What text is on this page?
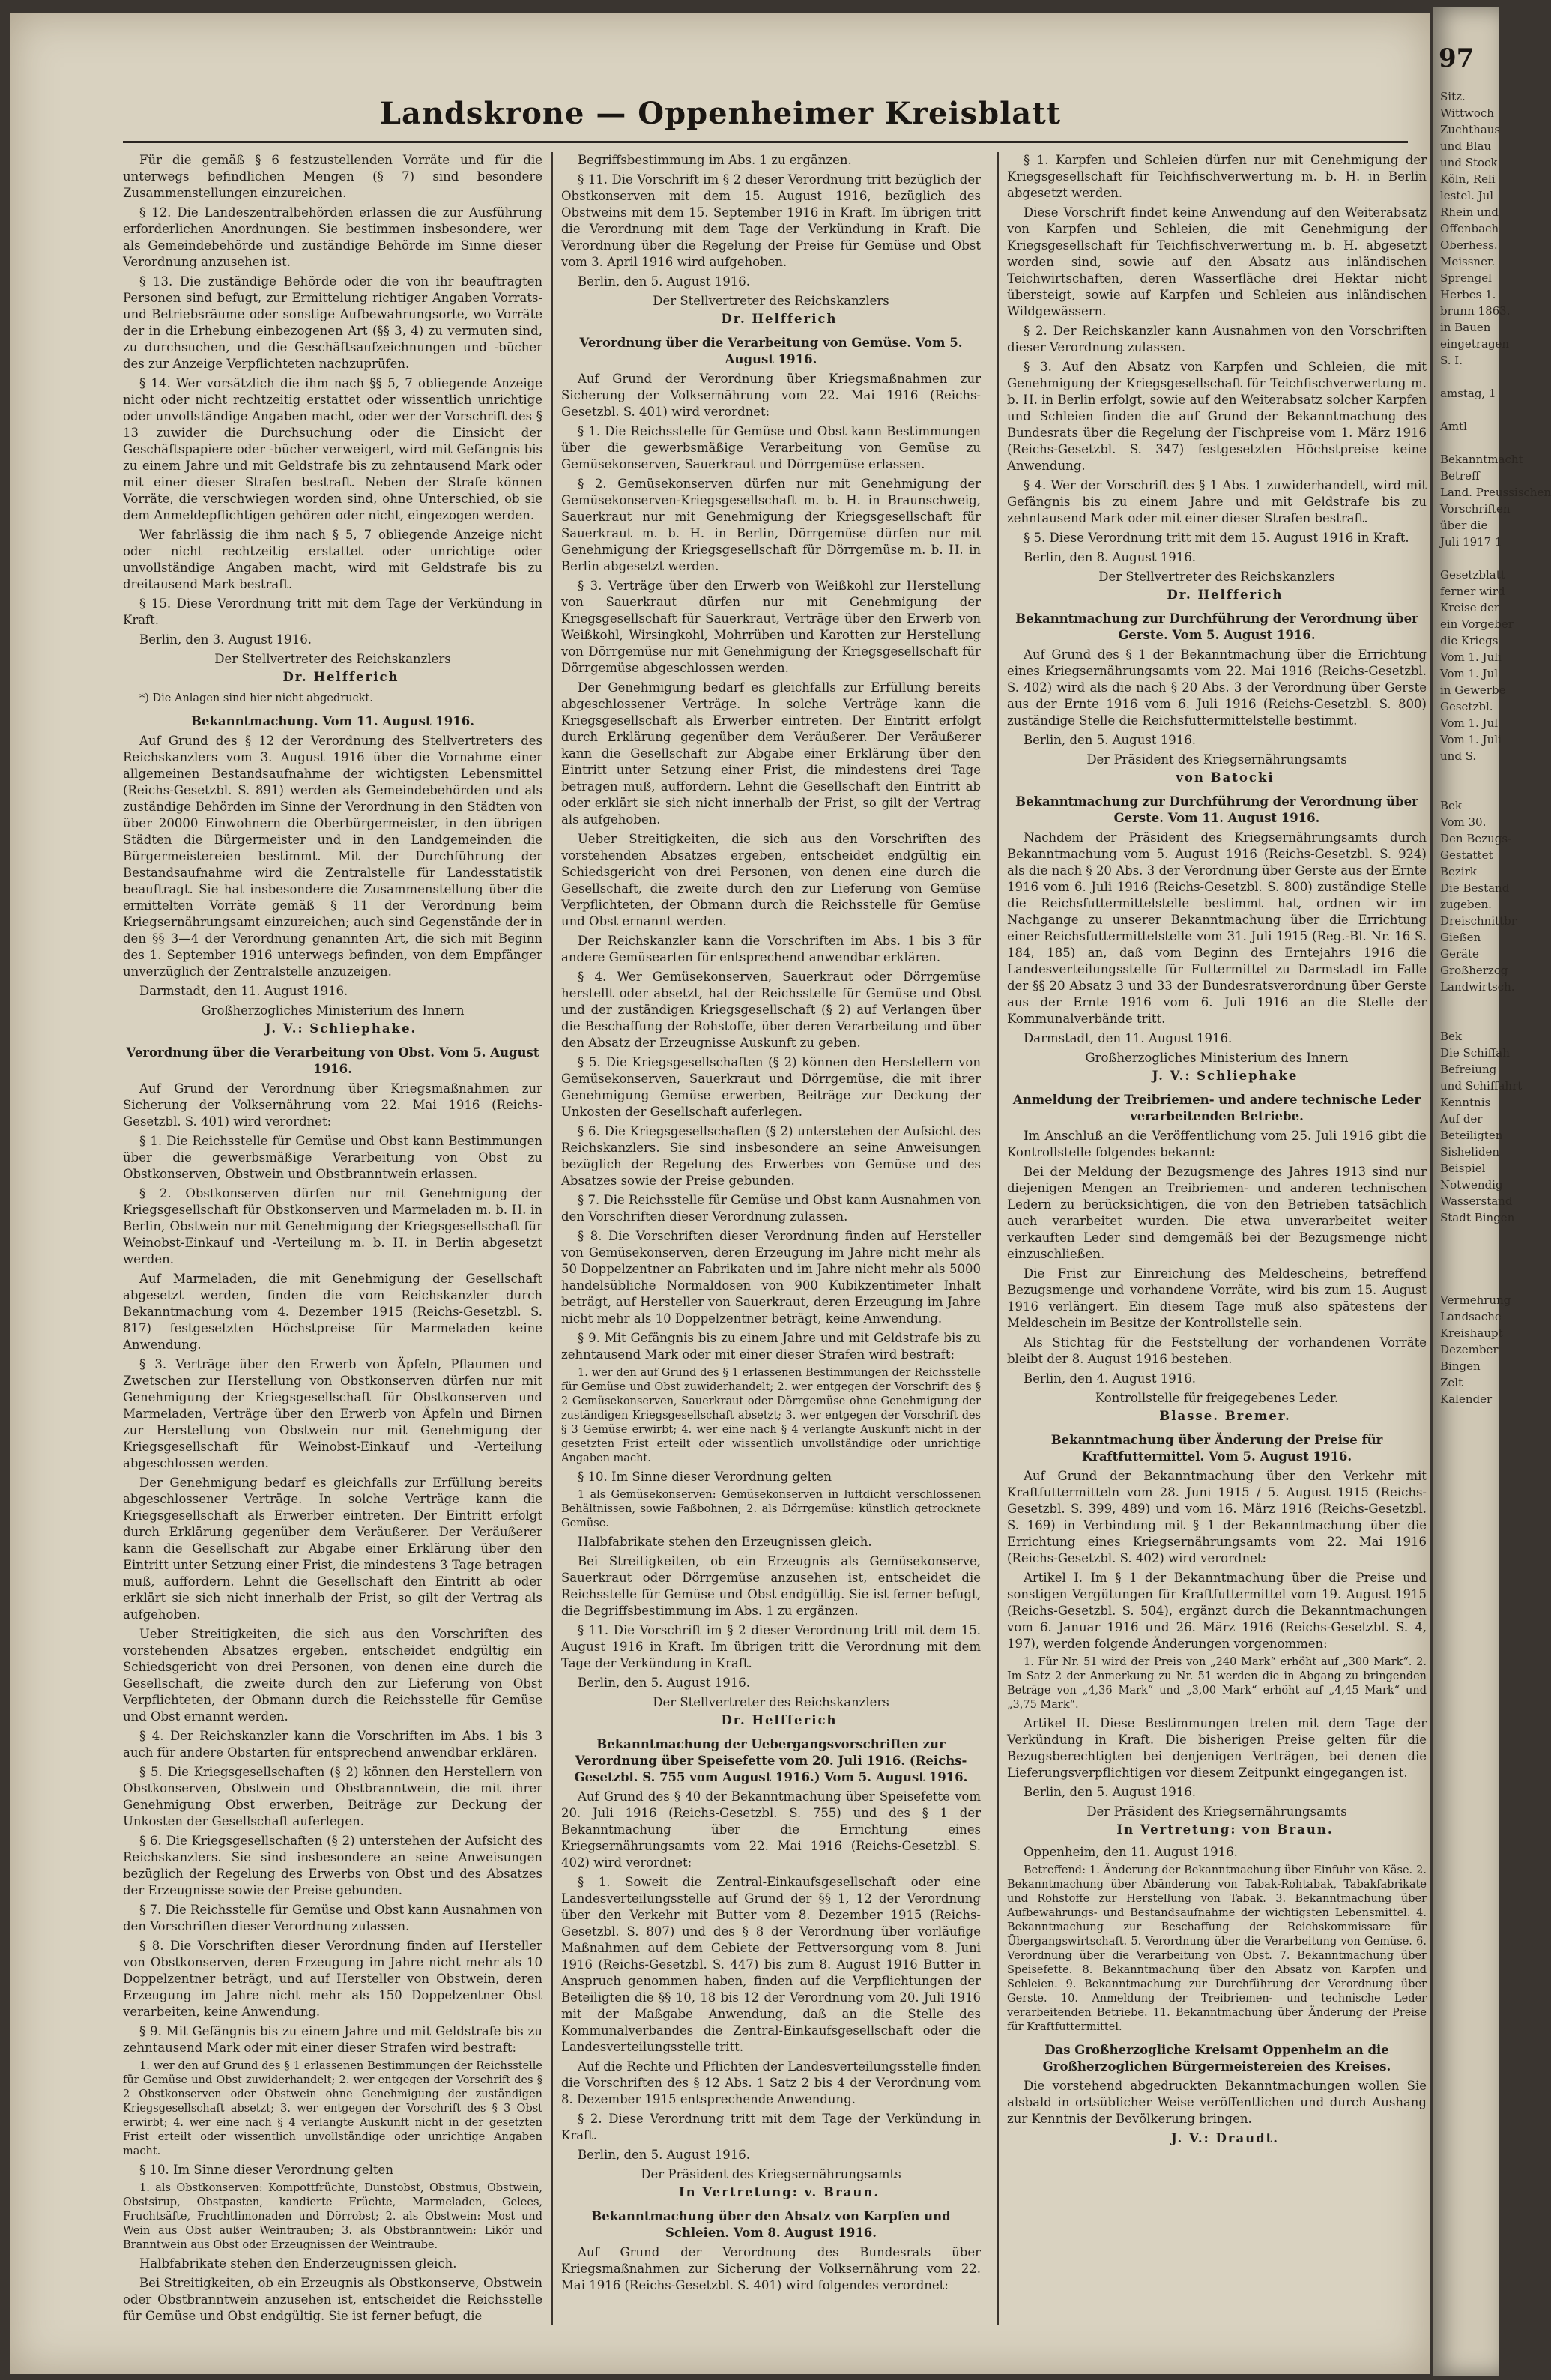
Landskrone — Oppenheimer Kreisblatt
Für die gemäß § 6 festzustellenden Vorräte und für die unterwegs befindlichen Mengen (§ 7) sind besondere Zusammenstellungen einzureichen.
§ 12. Die Landeszentralbehörden erlassen die zur Ausführung erforderlichen Anordnungen. Sie bestimmen insbesondere, wer als Gemeindebehörde und zuständige Behörde im Sinne dieser Verordnung anzusehen ist.
§ 13. Die zuständige Behörde oder die von ihr beauftragten Personen sind befugt, zur Ermittelung richtiger Angaben Vorrats- und Betriebsräume oder sonstige Aufbewahrungsorte, wo Vorräte der in die Erhebung einbezogenen Art (§§ 3, 4) zu vermuten sind, zu durchsuchen, und die Geschäftsaufzeichnungen und -bücher des zur Anzeige Verpflichteten nachzuprüfen.
§ 14. Wer vorsätzlich die ihm nach §§ 5, 7 obliegende Anzeige nicht oder nicht rechtzeitig erstattet oder wissentlich unrichtige oder unvollständige Angaben macht, oder wer der Vorschrift des § 13 zuwider die Durchsuchung oder die Einsicht der Geschäftspapiere oder -bücher verweigert, wird mit Gefängnis bis zu einem Jahre und mit Geldstrafe bis zu zehntausend Mark oder mit einer dieser Strafen bestraft. Neben der Strafe können Vorräte, die verschwiegen worden sind, ohne Unterschied, ob sie dem Anmeldepflichtigen gehören oder nicht, eingezogen werden.
Wer fahrlässig die ihm nach § 5, 7 obliegende Anzeige nicht oder nicht rechtzeitig erstattet oder unrichtige oder unvollständige Angaben macht, wird mit Geldstrafe bis zu dreitausend Mark bestraft.
§ 15. Diese Verordnung tritt mit dem Tage der Verkündung in Kraft.
Berlin, den 3. August 1916.
Der Stellvertreter des Reichskanzlers
Dr. Helfferich
*) Die Anlagen sind hier nicht abgedruckt.
Bekanntmachung. Vom 11. August 1916.
Auf Grund des § 12 der Verordnung des Stellvertreters des Reichskanzlers vom 3. August 1916 über die Vornahme einer allgemeinen Bestandsaufnahme der wichtigsten Lebensmittel (Reichs-Gesetzbl. S. 891) werden als Gemeindebehörden und als zuständige Behörden im Sinne der Verordnung in den Städten von über 20000 Einwohnern die Oberbürgermeister, in den übrigen Städten die Bürgermeister und in den Landgemeinden die Bürgermeistereien bestimmt. Mit der Durchführung der Bestandsaufnahme wird die Zentralstelle für Landesstatistik beauftragt. Sie hat insbesondere die Zusammenstellung über die ermittelten Vorräte gemäß § 11 der Verordnung beim Kriegsernährungsamt einzureichen; auch sind Gegenstände der in den §§ 3—4 der Verordnung genannten Art, die sich mit Beginn des 1. September 1916 unterwegs befinden, von dem Empfänger unverzüglich der Zentralstelle anzuzeigen.
Darmstadt, den 11. August 1916.
Großherzogliches Ministerium des Innern
J. V.: Schliephake.
Verordnung über die Verarbeitung von Obst. Vom 5. August 1916.
Auf Grund der Verordnung über Kriegsmaßnahmen zur Sicherung der Volksernährung vom 22. Mai 1916 (Reichs-Gesetzbl. S. 401) wird verordnet:
§ 1. Die Reichsstelle für Gemüse und Obst kann Bestimmungen über die gewerbsmäßige Verarbeitung von Obst zu Obstkonserven, Obstwein und Obstbranntwein erlassen.
§ 2. Obstkonserven dürfen nur mit Genehmigung der Kriegsgesellschaft für Obstkonserven und Marmeladen m. b. H. in Berlin, Obstwein nur mit Genehmigung der Kriegsgesellschaft für Weinobst-Einkauf und -Verteilung m. b. H. in Berlin abgesetzt werden.
Auf Marmeladen, die mit Genehmigung der Gesellschaft abgesetzt werden, finden die vom Reichskanzler durch Bekanntmachung vom 4. Dezember 1915 (Reichs-Gesetzbl. S. 817) festgesetzten Höchstpreise für Marmeladen keine Anwendung.
§ 3. Verträge über den Erwerb von Äpfeln, Pflaumen und Zwetschen zur Herstellung von Obstkonserven dürfen nur mit Genehmigung der Kriegsgesellschaft für Obstkonserven und Marmeladen, Verträge über den Erwerb von Äpfeln und Birnen zur Herstellung von Obstwein nur mit Genehmigung der Kriegsgesellschaft für Weinobst-Einkauf und -Verteilung abgeschlossen werden.
Der Genehmigung bedarf es gleichfalls zur Erfüllung bereits abgeschlossener Verträge. In solche Verträge kann die Kriegsgesellschaft als Erwerber eintreten. Der Eintritt erfolgt durch Erklärung gegenüber dem Veräußerer. Der Veräußerer kann die Gesellschaft zur Abgabe einer Erklärung über den Eintritt unter Setzung einer Frist, die mindestens 3 Tage betragen muß, auffordern. Lehnt die Gesellschaft den Eintritt ab oder erklärt sie sich nicht innerhalb der Frist, so gilt der Vertrag als aufgehoben.
Ueber Streitigkeiten, die sich aus den Vorschriften des vorstehenden Absatzes ergeben, entscheidet endgültig ein Schiedsgericht von drei Personen, von denen eine durch die Gesellschaft, die zweite durch den zur Lieferung von Obst Verpflichteten, der Obmann durch die Reichsstelle für Gemüse und Obst ernannt werden.
§ 4. Der Reichskanzler kann die Vorschriften im Abs. 1 bis 3 auch für andere Obstarten für entsprechend anwendbar erklären.
§ 5. Die Kriegsgesellschaften (§ 2) können den Herstellern von Obstkonserven, Obstwein und Obstbranntwein, die mit ihrer Genehmigung Obst erwerben, Beiträge zur Deckung der Unkosten der Gesellschaft auferlegen.
§ 6. Die Kriegsgesellschaften (§ 2) unterstehen der Aufsicht des Reichskanzlers. Sie sind insbesondere an seine Anweisungen bezüglich der Regelung des Erwerbs von Obst und des Absatzes der Erzeugnisse sowie der Preise gebunden.
§ 7. Die Reichsstelle für Gemüse und Obst kann Ausnahmen von den Vorschriften dieser Verordnung zulassen.
§ 8. Die Vorschriften dieser Verordnung finden auf Hersteller von Obstkonserven, deren Erzeugung im Jahre nicht mehr als 10 Doppelzentner beträgt, und auf Hersteller von Obstwein, deren Erzeugung im Jahre nicht mehr als 150 Doppelzentner Obst verarbeiten, keine Anwendung.
§ 9. Mit Gefängnis bis zu einem Jahre und mit Geldstrafe bis zu zehntausend Mark oder mit einer dieser Strafen wird bestraft:
1. wer den auf Grund des § 1 erlassenen Bestimmungen der Reichsstelle für Gemüse und Obst zuwiderhandelt; 2. wer entgegen der Vorschrift des § 2 Obstkonserven oder Obstwein ohne Genehmigung der zuständigen Kriegsgesellschaft absetzt; 3. wer entgegen der Vorschrift des § 3 Obst erwirbt; 4. wer eine nach § 4 verlangte Auskunft nicht in der gesetzten Frist erteilt oder wissentlich unvollständige oder unrichtige Angaben macht.
§ 10. Im Sinne dieser Verordnung gelten
1. als Obstkonserven: Kompottfrüchte, Dunstobst, Obstmus, Obstwein, Obstsirup, Obstpasten, kandierte Früchte, Marmeladen, Gelees, Fruchtsäfte, Fruchtlimonaden und Dörrobst; 2. als Obstwein: Most und Wein aus Obst außer Weintrauben; 3. als Obstbranntwein: Likör und Branntwein aus Obst oder Erzeugnissen der Weintraube.
Halbfabrikate stehen den Enderzeugnissen gleich.
Bei Streitigkeiten, ob ein Erzeugnis als Obstkonserve, Obstwein oder Obstbranntwein anzusehen ist, entscheidet die Reichsstelle für Gemüse und Obst endgültig. Sie ist ferner befugt, die
Begriffsbestimmung im Abs. 1 zu ergänzen.
§ 11. Die Vorschrift im § 2 dieser Verordnung tritt bezüglich der Obstkonserven mit dem 15. August 1916, bezüglich des Obstweins mit dem 15. September 1916 in Kraft. Im übrigen tritt die Verordnung mit dem Tage der Verkündung in Kraft. Die Verordnung über die Regelung der Preise für Gemüse und Obst vom 3. April 1916 wird aufgehoben.
Berlin, den 5. August 1916.
Der Stellvertreter des Reichskanzlers
Dr. Helfferich
Verordnung über die Verarbeitung von Gemüse. Vom 5. August 1916.
Auf Grund der Verordnung über Kriegsmaßnahmen zur Sicherung der Volksernährung vom 22. Mai 1916 (Reichs-Gesetzbl. S. 401) wird verordnet:
§ 1. Die Reichsstelle für Gemüse und Obst kann Bestimmungen über die gewerbsmäßige Verarbeitung von Gemüse zu Gemüsekonserven, Sauerkraut und Dörrgemüse erlassen.
§ 2. Gemüsekonserven dürfen nur mit Genehmigung der Gemüsekonserven-Kriegsgesellschaft m. b. H. in Braunschweig, Sauerkraut nur mit Genehmigung der Kriegsgesellschaft für Sauerkraut m. b. H. in Berlin, Dörrgemüse dürfen nur mit Genehmigung der Kriegsgesellschaft für Dörrgemüse m. b. H. in Berlin abgesetzt werden.
§ 3. Verträge über den Erwerb von Weißkohl zur Herstellung von Sauerkraut dürfen nur mit Genehmigung der Kriegsgesellschaft für Sauerkraut, Verträge über den Erwerb von Weißkohl, Wirsingkohl, Mohrrüben und Karotten zur Herstellung von Dörrgemüse nur mit Genehmigung der Kriegsgesellschaft für Dörrgemüse abgeschlossen werden.
Der Genehmigung bedarf es gleichfalls zur Erfüllung bereits abgeschlossener Verträge. In solche Verträge kann die Kriegsgesellschaft als Erwerber eintreten. Der Eintritt erfolgt durch Erklärung gegenüber dem Veräußerer. Der Veräußerer kann die Gesellschaft zur Abgabe einer Erklärung über den Eintritt unter Setzung einer Frist, die mindestens drei Tage betragen muß, auffordern. Lehnt die Gesellschaft den Eintritt ab oder erklärt sie sich nicht innerhalb der Frist, so gilt der Vertrag als aufgehoben.
Ueber Streitigkeiten, die sich aus den Vorschriften des vorstehenden Absatzes ergeben, entscheidet endgültig ein Schiedsgericht von drei Personen, von denen eine durch die Gesellschaft, die zweite durch den zur Lieferung von Gemüse Verpflichteten, der Obmann durch die Reichsstelle für Gemüse und Obst ernannt werden.
Der Reichskanzler kann die Vorschriften im Abs. 1 bis 3 für andere Gemüsearten für entsprechend anwendbar erklären.
§ 4. Wer Gemüsekonserven, Sauerkraut oder Dörrgemüse herstellt oder absetzt, hat der Reichsstelle für Gemüse und Obst und der zuständigen Kriegsgesellschaft (§ 2) auf Verlangen über die Beschaffung der Rohstoffe, über deren Verarbeitung und über den Absatz der Erzeugnisse Auskunft zu geben.
§ 5. Die Kriegsgesellschaften (§ 2) können den Herstellern von Gemüsekonserven, Sauerkraut und Dörrgemüse, die mit ihrer Genehmigung Gemüse erwerben, Beiträge zur Deckung der Unkosten der Gesellschaft auferlegen.
§ 6. Die Kriegsgesellschaften (§ 2) unterstehen der Aufsicht des Reichskanzlers. Sie sind insbesondere an seine Anweisungen bezüglich der Regelung des Erwerbes von Gemüse und des Absatzes sowie der Preise gebunden.
§ 7. Die Reichsstelle für Gemüse und Obst kann Ausnahmen von den Vorschriften dieser Verordnung zulassen.
§ 8. Die Vorschriften dieser Verordnung finden auf Hersteller von Gemüsekonserven, deren Erzeugung im Jahre nicht mehr als 50 Doppelzentner an Fabrikaten und im Jahre nicht mehr als 5000 handelsübliche Normaldosen von 900 Kubikzentimeter Inhalt beträgt, auf Hersteller von Sauerkraut, deren Erzeugung im Jahre nicht mehr als 10 Doppelzentner beträgt, keine Anwendung.
§ 9. Mit Gefängnis bis zu einem Jahre und mit Geldstrafe bis zu zehntausend Mark oder mit einer dieser Strafen wird bestraft:
1. wer den auf Grund des § 1 erlassenen Bestimmungen der Reichsstelle für Gemüse und Obst zuwiderhandelt; 2. wer entgegen der Vorschrift des § 2 Gemüsekonserven, Sauerkraut oder Dörrgemüse ohne Genehmigung der zuständigen Kriegsgesellschaft absetzt; 3. wer entgegen der Vorschrift des § 3 Gemüse erwirbt; 4. wer eine nach § 4 verlangte Auskunft nicht in der gesetzten Frist erteilt oder wissentlich unvollständige oder unrichtige Angaben macht.
§ 10. Im Sinne dieser Verordnung gelten
1 als Gemüsekonserven: Gemüsekonserven in luftdicht verschlossenen Behältnissen, sowie Faßbohnen; 2. als Dörrgemüse: künstlich getrocknete Gemüse.
Halbfabrikate stehen den Erzeugnissen gleich.
Bei Streitigkeiten, ob ein Erzeugnis als Gemüsekonserve, Sauerkraut oder Dörrgemüse anzusehen ist, entscheidet die Reichsstelle für Gemüse und Obst endgültig. Sie ist ferner befugt, die Begriffsbestimmung im Abs. 1 zu ergänzen.
§ 11. Die Vorschrift im § 2 dieser Verordnung tritt mit dem 15. August 1916 in Kraft. Im übrigen tritt die Verordnung mit dem Tage der Verkündung in Kraft.
Berlin, den 5. August 1916.
Der Stellvertreter des Reichskanzlers
Dr. Helfferich
Bekanntmachung der Uebergangsvorschriften zur Verordnung über Speisefette vom 20. Juli 1916. (Reichs-Gesetzbl. S. 755 vom August 1916.) Vom 5. August 1916.
Auf Grund des § 40 der Bekanntmachung über Speisefette vom 20. Juli 1916 (Reichs-Gesetzbl. S. 755) und des § 1 der Bekanntmachung über die Errichtung eines Kriegsernährungsamts vom 22. Mai 1916 (Reichs-Gesetzbl. S. 402) wird verordnet:
§ 1. Soweit die Zentral-Einkaufsgesellschaft oder eine Landesverteilungsstelle auf Grund der §§ 1, 12 der Verordnung über den Verkehr mit Butter vom 8. Dezember 1915 (Reichs-Gesetzbl. S. 807) und des § 8 der Verordnung über vorläufige Maßnahmen auf dem Gebiete der Fettversorgung vom 8. Juni 1916 (Reichs-Gesetzbl. S. 447) bis zum 8. August 1916 Butter in Anspruch genommen haben, finden auf die Verpflichtungen der Beteiligten die §§ 10, 18 bis 12 der Verordnung vom 20. Juli 1916 mit der Maßgabe Anwendung, daß an die Stelle des Kommunalverbandes die Zentral-Einkaufsgesellschaft oder die Landesverteilungsstelle tritt.
Auf die Rechte und Pflichten der Landesverteilungsstelle finden die Vorschriften des § 12 Abs. 1 Satz 2 bis 4 der Verordnung vom 8. Dezember 1915 entsprechende Anwendung.
§ 2. Diese Verordnung tritt mit dem Tage der Verkündung in Kraft.
Berlin, den 5. August 1916.
Der Präsident des Kriegsernährungsamts
In Vertretung: v. Braun.
Bekanntmachung über den Absatz von Karpfen und Schleien. Vom 8. August 1916.
Auf Grund der Verordnung des Bundesrats über Kriegsmaßnahmen zur Sicherung der Volksernährung vom 22. Mai 1916 (Reichs-Gesetzbl. S. 401) wird folgendes verordnet:
§ 1. Karpfen und Schleien dürfen nur mit Genehmigung der Kriegsgesellschaft für Teichfischverwertung m. b. H. in Berlin abgesetzt werden.
Diese Vorschrift findet keine Anwendung auf den Weiterabsatz von Karpfen und Schleien, die mit Genehmigung der Kriegsgesellschaft für Teichfischverwertung m. b. H. abgesetzt worden sind, sowie auf den Absatz aus inländischen Teichwirtschaften, deren Wasserfläche drei Hektar nicht übersteigt, sowie auf Karpfen und Schleien aus inländischen Wildgewässern.
§ 2. Der Reichskanzler kann Ausnahmen von den Vorschriften dieser Verordnung zulassen.
§ 3. Auf den Absatz von Karpfen und Schleien, die mit Genehmigung der Kriegsgesellschaft für Teichfischverwertung m. b. H. in Berlin erfolgt, sowie auf den Weiterabsatz solcher Karpfen und Schleien finden die auf Grund der Bekanntmachung des Bundesrats über die Regelung der Fischpreise vom 1. März 1916 (Reichs-Gesetzbl. S. 347) festgesetzten Höchstpreise keine Anwendung.
§ 4. Wer der Vorschrift des § 1 Abs. 1 zuwiderhandelt, wird mit Gefängnis bis zu einem Jahre und mit Geldstrafe bis zu zehntausend Mark oder mit einer dieser Strafen bestraft.
§ 5. Diese Verordnung tritt mit dem 15. August 1916 in Kraft.
Berlin, den 8. August 1916.
Der Stellvertreter des Reichskanzlers
Dr. Helfferich
Bekanntmachung zur Durchführung der Verordnung über Gerste. Vom 5. August 1916.
Auf Grund des § 1 der Bekanntmachung über die Errichtung eines Kriegsernährungsamts vom 22. Mai 1916 (Reichs-Gesetzbl. S. 402) wird als die nach § 20 Abs. 3 der Verordnung über Gerste aus der Ernte 1916 vom 6. Juli 1916 (Reichs-Gesetzbl. S. 800) zuständige Stelle die Reichsfuttermittelstelle bestimmt.
Berlin, den 5. August 1916.
Der Präsident des Kriegsernährungsamts
von Batocki
Bekanntmachung zur Durchführung der Verordnung über Gerste. Vom 11. August 1916.
Nachdem der Präsident des Kriegsernährungsamts durch Bekanntmachung vom 5. August 1916 (Reichs-Gesetzbl. S. 924) als die nach § 20 Abs. 3 der Verordnung über Gerste aus der Ernte 1916 vom 6. Juli 1916 (Reichs-Gesetzbl. S. 800) zuständige Stelle die Reichsfuttermittelstelle bestimmt hat, ordnen wir im Nachgange zu unserer Bekanntmachung über die Errichtung einer Reichsfuttermittelstelle vom 31. Juli 1915 (Reg.-Bl. Nr. 16 S. 184, 185) an, daß vom Beginn des Erntejahrs 1916 die Landesverteilungsstelle für Futtermittel zu Darmstadt im Falle der §§ 20 Absatz 3 und 33 der Bundesratsverordnung über Gerste aus der Ernte 1916 vom 6. Juli 1916 an die Stelle der Kommunalverbände tritt.
Darmstadt, den 11. August 1916.
Großherzogliches Ministerium des Innern
J. V.: Schliephake
Anmeldung der Treibriemen- und andere technische Leder verarbeitenden Betriebe.
Im Anschluß an die Veröffentlichung vom 25. Juli 1916 gibt die Kontrollstelle folgendes bekannt:
Bei der Meldung der Bezugsmenge des Jahres 1913 sind nur diejenigen Mengen an Treibriemen- und anderen technischen Ledern zu berücksichtigen, die von den Betrieben tatsächlich auch verarbeitet wurden. Die etwa unverarbeitet weiter verkauften Leder sind demgemäß bei der Bezugsmenge nicht einzuschließen.
Die Frist zur Einreichung des Meldescheins, betreffend Bezugsmenge und vorhandene Vorräte, wird bis zum 15. August 1916 verlängert. Ein diesem Tage muß also spätestens der Meldeschein im Besitze der Kontrollstelle sein.
Als Stichtag für die Feststellung der vorhandenen Vorräte bleibt der 8. August 1916 bestehen.
Berlin, den 4. August 1916.
Kontrollstelle für freigegebenes Leder.
Blasse. Bremer.
Bekanntmachung über Änderung der Preise für Kraftfuttermittel. Vom 5. August 1916.
Auf Grund der Bekanntmachung über den Verkehr mit Kraftfuttermitteln vom 28. Juni 1915 / 5. August 1915 (Reichs-Gesetzbl. S. 399, 489) und vom 16. März 1916 (Reichs-Gesetzbl. S. 169) in Verbindung mit § 1 der Bekanntmachung über die Errichtung eines Kriegsernährungsamts vom 22. Mai 1916 (Reichs-Gesetzbl. S. 402) wird verordnet:
Artikel I. Im § 1 der Bekanntmachung über die Preise und sonstigen Vergütungen für Kraftfuttermittel vom 19. August 1915 (Reichs-Gesetzbl. S. 504), ergänzt durch die Bekanntmachungen vom 6. Januar 1916 und 26. März 1916 (Reichs-Gesetzbl. S. 4, 197), werden folgende Änderungen vorgenommen:
1. Für Nr. 51 wird der Preis von „240 Mark“ erhöht auf „300 Mark“. 2. Im Satz 2 der Anmerkung zu Nr. 51 werden die in Abgang zu bringenden Beträge von „4,36 Mark“ und „3,00 Mark“ erhöht auf „4,45 Mark“ und „3,75 Mark“.
Artikel II. Diese Bestimmungen treten mit dem Tage der Verkündung in Kraft. Die bisherigen Preise gelten für die Bezugsberechtigten bei denjenigen Verträgen, bei denen die Lieferungsverpflichtigen vor diesem Zeitpunkt eingegangen ist.
Berlin, den 5. August 1916.
Der Präsident des Kriegsernährungsamts
In Vertretung: von Braun.
Oppenheim, den 11. August 1916.
Betreffend: 1. Änderung der Bekanntmachung über Einfuhr von Käse. 2. Bekanntmachung über Abänderung von Tabak-Rohtabak, Tabakfabrikate und Rohstoffe zur Herstellung von Tabak. 3. Bekanntmachung über Aufbewahrungs- und Bestandsaufnahme der wichtigsten Lebensmittel. 4. Bekanntmachung zur Beschaffung der Reichskommissare für Übergangswirtschaft. 5. Verordnung über die Verarbeitung von Gemüse. 6. Verordnung über die Verarbeitung von Obst. 7. Bekanntmachung über Speisefette. 8. Bekanntmachung über den Absatz von Karpfen und Schleien. 9. Bekanntmachung zur Durchführung der Verordnung über Gerste. 10. Anmeldung der Treibriemen- und technische Leder verarbeitenden Betriebe. 11. Bekanntmachung über Änderung der Preise für Kraftfuttermittel.
Das Großherzogliche Kreisamt Oppenheim an die Großherzoglichen Bürgermeistereien des Kreises.
Die vorstehend abgedruckten Bekanntmachungen wollen Sie alsbald in ortsüblicher Weise veröffentlichen und durch Aushang zur Kenntnis der Bevölkerung bringen.
J. V.: Draudt.
97
Sitz.
Wittwoch
Zuchthaus
und Blau
und Stock
Köln, Reli
lestel. Jul
Rhein und
Offenbach
Oberhess.
Meissner.
Sprengel
Herbes 1.
brunn 1863.
in Bauen
eingetragen
S. I.

amstag, 1

Amtl

Bekanntmacht
Betreff
Land. Preussischen
Vorschriften
über die
Juli 1917 1

Gesetzblatt
ferner wird
Kreise der
ein Vorgeber
die Kriegs
Vom 1. Juli
Vom 1. Jul
in Gewerbe
Gesetzbl.
Vom 1. Jul
Vom 1. Juli
und S.

Bek
Vom 30.
Den Bezugs-
Gestattet
Bezirk
Die Bestand
zugeben.
Dreischnittbr
Gießen
Geräte
Großherzog
Landwirtsch.

Bek
Die Schiffah
Befreiung
und Schiffahrt
Kenntnis
Auf der
Beteiligten
Sisheliden
Beispiel
Notwendig
Wasserstand
Stadt Bingen

Vermehrung
Landsache
Kreishaupt
Dezember
Bingen
Zelt
Kalender
